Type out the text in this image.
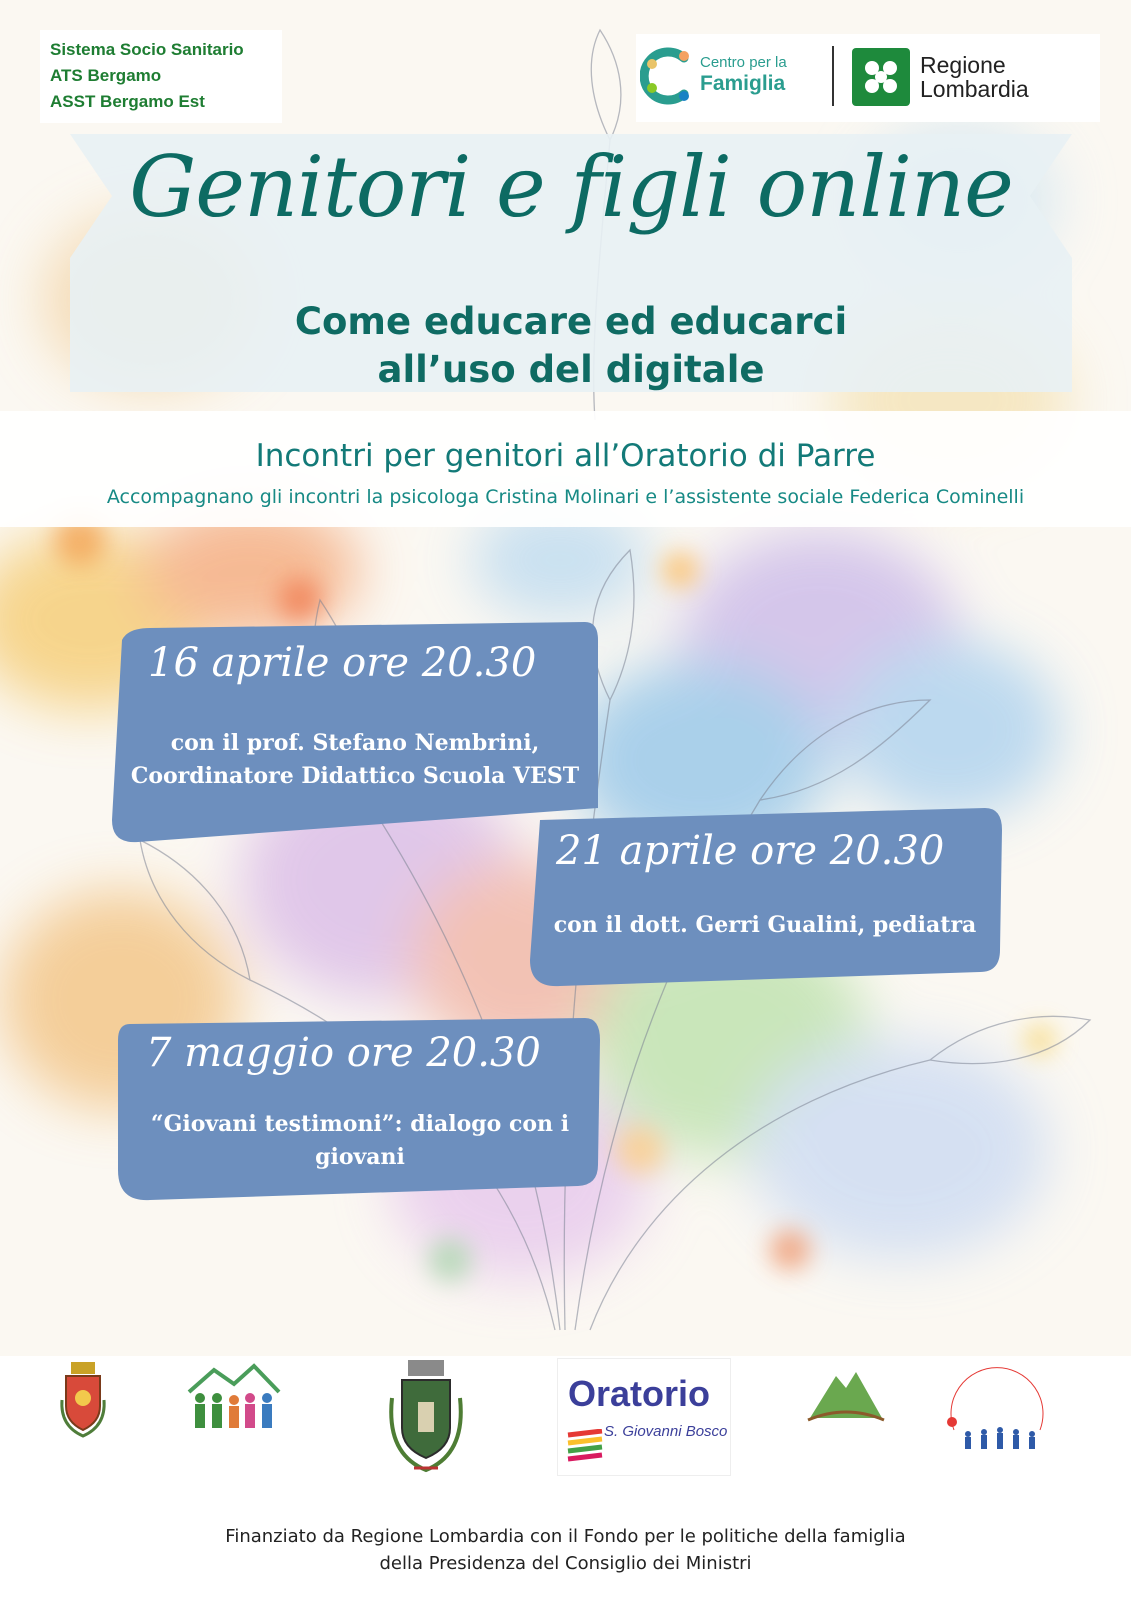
Sistema Socio Sanitario
ATS Bergamo
ASST Bergamo Est
Centro per la
Famiglia
Regione
Lombardia
Genitori e figli online
Come educare ed educarci
all’uso del digitale
Incontri per genitori all’Oratorio di Parre
Accompagnano gli incontri la psicologa Cristina Molinari e l’assistente sociale Federica Cominelli
16 aprile ore 20.30
con il prof. Stefano Nembrini,
Coordinatore Didattico Scuola VEST
21 aprile ore 20.30
con il dott. Gerri Gualini, pediatra
7 maggio ore 20.30
“Giovani testimoni”: dialogo con i
giovani
Oratorio
S. Giovanni Bosco
Finanziato da Regione Lombardia con il Fondo per le politiche della famiglia
della Presidenza del Consiglio dei Ministri
